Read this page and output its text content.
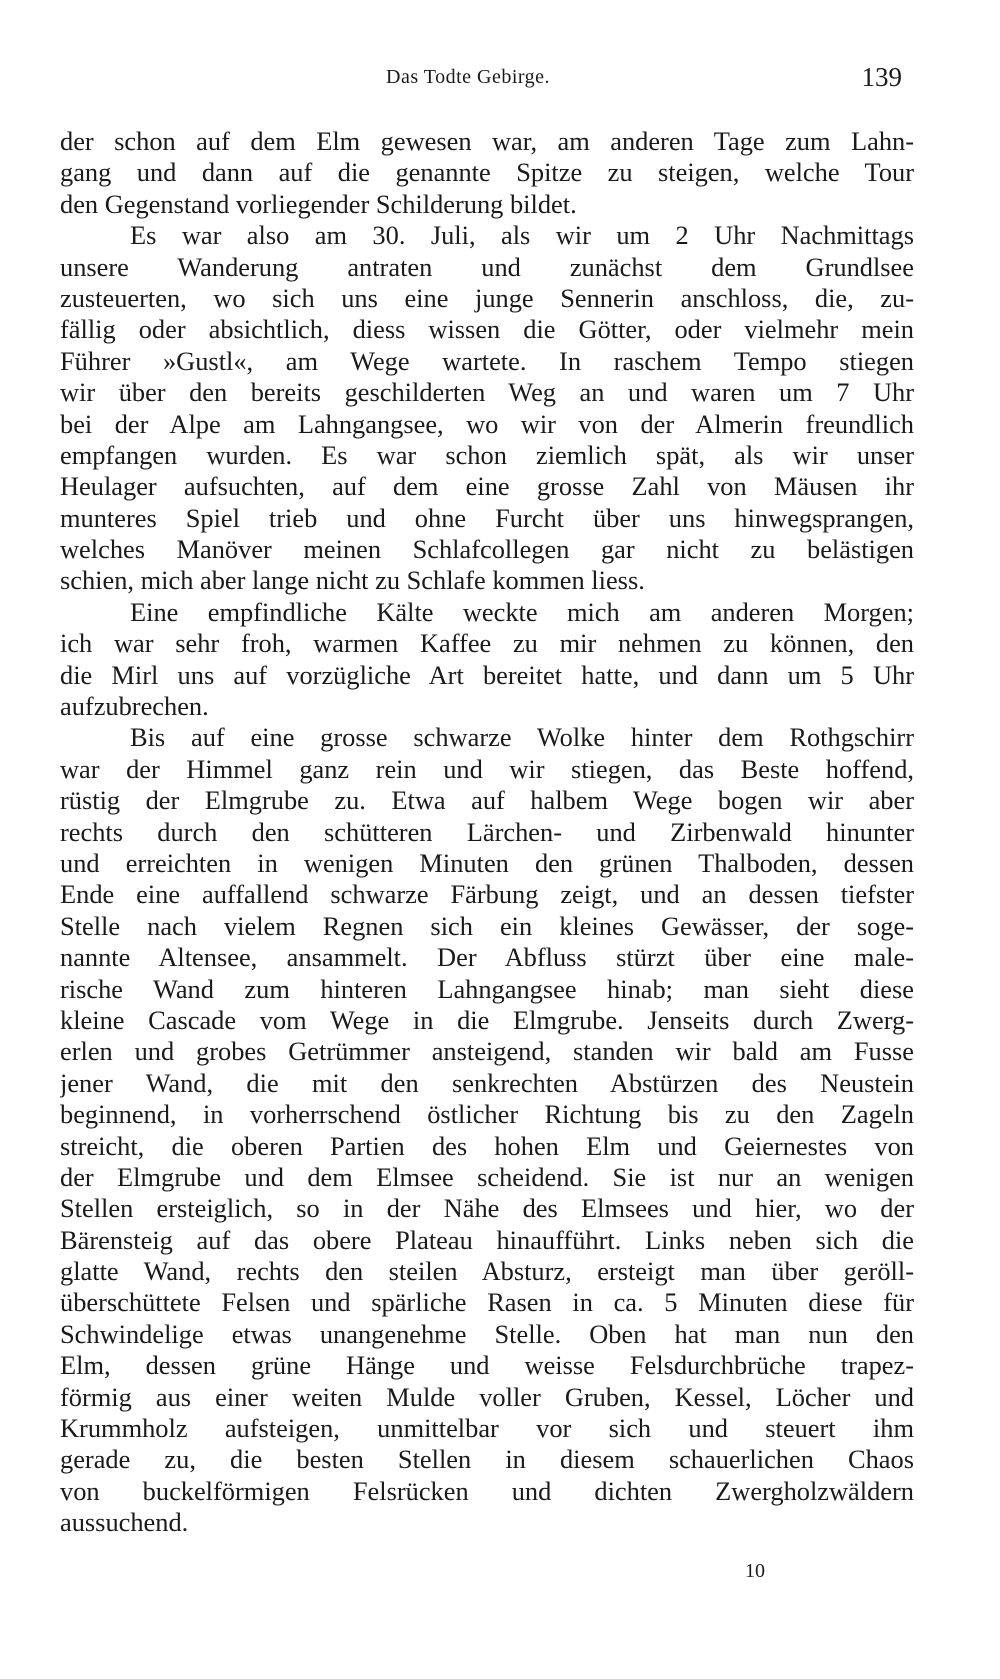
Das Todte Gebirge.	139
der schon auf dem Elm gewesen war, am anderen Tage zum Lahn-
gang und dann auf die genannte Spitze zu steigen, welche Tour
den Gegenstand vorliegender Schilderung bildet.
Es war also am 30. Juli, als wir um 2 Uhr Nachmittags
unsere Wanderung antraten und zunächst dem Grundlsee
zusteuerten, wo sich uns eine junge Sennerin anschloss, die, zu-
fällig oder absichtlich, diess wissen die Götter, oder vielmehr mein
Führer »Gustl«, am Wege wartete. In raschem Tempo stiegen
wir über den bereits geschilderten Weg an und waren um 7 Uhr
bei der Alpe am Lahngangsee, wo wir von der Almerin freundlich
empfangen wurden. Es war schon ziemlich spät, als wir unser
Heulager aufsuchten, auf dem eine grosse Zahl von Mäusen ihr
munteres Spiel trieb und ohne Furcht über uns hinwegsprangen,
welches Manöver meinen Schlafcollegen gar nicht zu belästigen
schien, mich aber lange nicht zu Schlafe kommen liess.
Eine empfindliche Kälte weckte mich am anderen Morgen;
ich war sehr froh, warmen Kaffee zu mir nehmen zu können, den
die Mirl uns auf vorzügliche Art bereitet hatte, und dann um 5 Uhr
aufzubrechen.
Bis auf eine grosse schwarze Wolke hinter dem Rothgschirr
war der Himmel ganz rein und wir stiegen, das Beste hoffend,
rüstig der Elmgrube zu. Etwa auf halbem Wege bogen wir aber
rechts durch den schütteren Lärchen- und Zirbenwald hinunter
und erreichten in wenigen Minuten den grünen Thalboden, dessen
Ende eine auffallend schwarze Färbung zeigt, und an dessen tiefster
Stelle nach vielem Regnen sich ein kleines Gewässer, der soge-
nannte Altensee, ansammelt. Der Abfluss stürzt über eine male-
rische Wand zum hinteren Lahngangsee hinab; man sieht diese
kleine Cascade vom Wege in die Elmgrube. Jenseits durch Zwerg-
erlen und grobes Getrümmer ansteigend, standen wir bald am Fusse
jener Wand, die mit den senkrechten Abstürzen des Neustein
beginnend, in vorherrschend östlicher Richtung bis zu den Zageln
streicht, die oberen Partien des hohen Elm und Geiernestes von
der Elmgrube und dem Elmsee scheidend. Sie ist nur an wenigen
Stellen ersteiglich, so in der Nähe des Elmsees und hier, wo der
Bärensteig auf das obere Plateau hinaufführt. Links neben sich die
glatte Wand, rechts den steilen Absturz, ersteigt man über geröll-
überschüttete Felsen und spärliche Rasen in ca. 5 Minuten diese für
Schwindelige etwas unangenehme Stelle. Oben hat man nun den
Elm, dessen grüne Hänge und weisse Felsdurchbrüche trapez-
förmig aus einer weiten Mulde voller Gruben, Kessel, Löcher und
Krummholz aufsteigen, unmittelbar vor sich und steuert ihm
gerade zu, die besten Stellen in diesem schauerlichen Chaos
von buckelförmigen Felsrücken und dichten Zwergholzwäldern
aussuchend.
10
